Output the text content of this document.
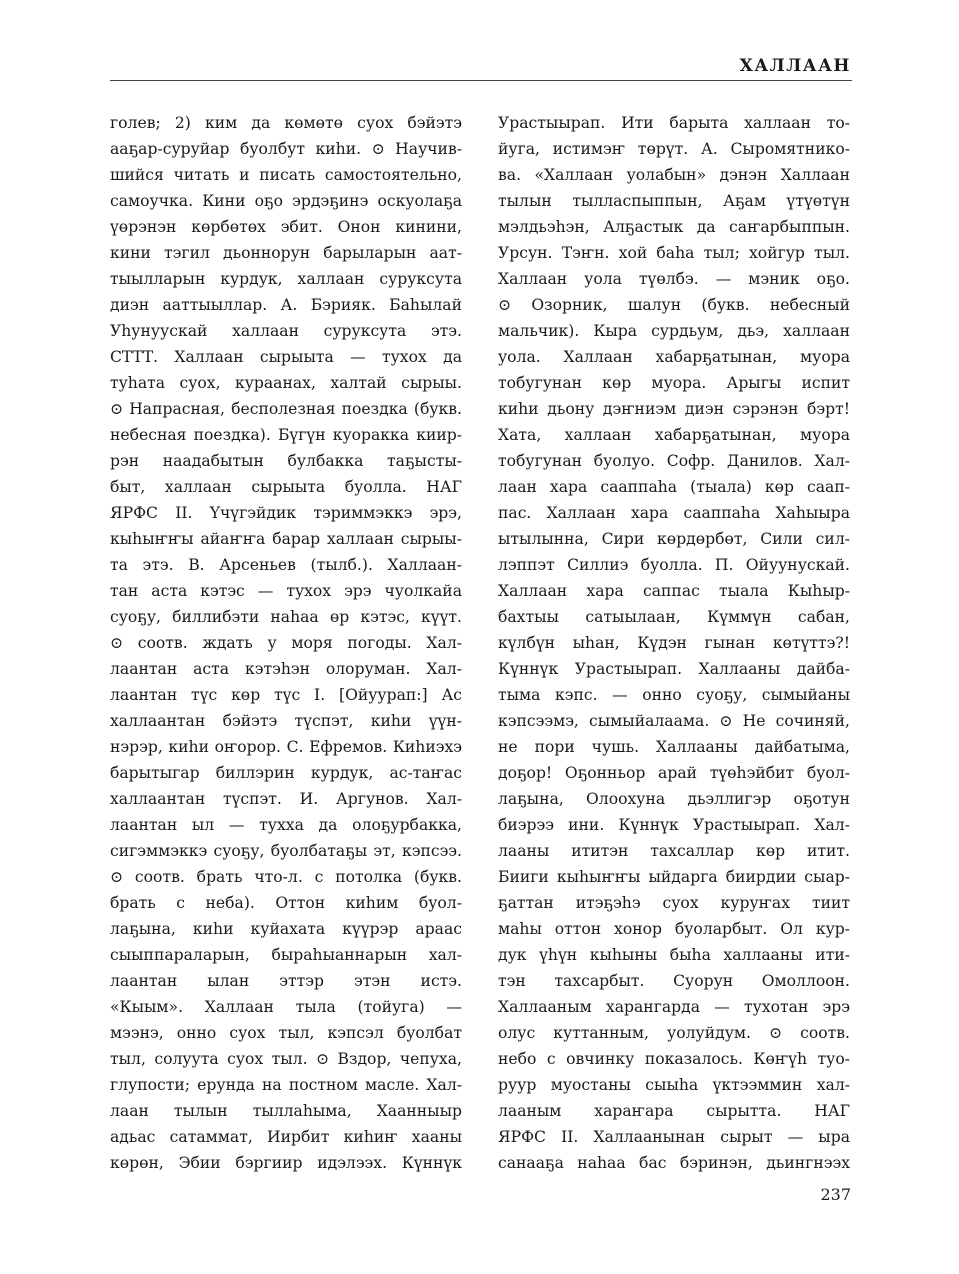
ХАЛЛААН
голев; 2) ким да көмөтө суох бэйэтэ
ааҕар-суруйар буолбут киһи. ⊙ Научив-
шийся читать и писать самостоятельно,
самоучка. Кини оҕо эрдэҕинэ оскуолаҕа
үөрэнэн көрбөтөх эбит. Онон кинини,
кини тэгил дьоннорун барыларын аат-
тыылларын курдук, халлаан суруксута
диэн ааттыыллар. А. Бэрияк. Баһылай
Уһунуускай халлаан суруксута этэ.
СТТТ. Халлаан сырыыта — тухох да
туһата суох, кураанах, халтай сырыы.
⊙ Напрасная, бесполезная поездка (букв.
небесная поездка). Бүгүн куоракка киир-
рэн наадабытын булбакка таҕысты-
быт, халлаан сырыыта буолла. НАГ
ЯРФС II. Үчүгэйдик тэриммэккэ эрэ,
кыһыҥҥы айаҥҥа барар халлаан сырыы-
та этэ. В. Арсеньев (тылб.). Халлаан-
тан аста кэтэс — тухох эрэ чуолкайа
суоҕу, биллибэти наһаа өр кэтэс, күүт.
⊙ соотв. ждать у моря погоды. Хал-
лаантан аста кэтэһэн олоруман. Хал-
лаантан түс көр түс I. [Ойуурап:] Ас
халлаантан бэйэтэ түспэт, киһи үүн-
нэрэр, киһи оҥорор. С. Ефремов. Киһиэхэ
барытыгар биллэрин курдук, ас-таҥас
халлаантан түспэт. И. Аргунов. Хал-
лаантан ыл — тухха да олоҕурбакка,
сигэммэккэ суоҕу, буолбатаҕы эт, кэпсээ.
⊙ соотв. брать что-л. с потолка (букв.
брать с неба). Оттон киһим буол-
лаҕына, киһи куйахата күүрэр араас
сыыппараларын, быраһыаннарын хал-
лаантан ылан эттэр этэн истэ.
«Кыым». Халлаан тыла (тойуга) —
мээнэ, онно суох тыл, кэпсэл буолбат
тыл, солуута суох тыл. ⊙ Вздор, чепуха,
глупости; ерунда на постном масле. Хал-
лаан тылын тыллаһыма, Хаанныыр
адьас сатаммат, Иирбит киһиҥ хааны
көрөн, Эбии бэргиир идэлээх. Күннүк
Урастыырап. Ити барыта халлаан то-
йуга, истимэҥ төрүт. А. Сыромятнико-
ва. «Халлаан уолабын» дэнэн Халлаан
тылын тылласпыппын, Аҕам үтүөтүн
мэлдьэһэн, Алҕастык да саҥарбыппын.
Урсун. Тэҥн. хой баһа тыл; хойгур тыл.
Халлаан уола түөлбэ. — мэник оҕо.
⊙ Озорник, шалун (букв. небесный
мальчик). Кыра сурдьум, дьэ, халлаан
уола. Халлаан хабарҕатынан, муора
тобугунан көр муора. Арыгы испит
киһи дьону дэҥниэм диэн сэрэнэн бэрт!
Хата, халлаан хабарҕатынан, муора
тобугунан буолуо. Софр. Данилов. Хал-
лаан хара сааппаһа (тыала) көр саап-
пас. Халлаан хара сааппаһа Хаһыыра
ытылынна, Сири көрдөрбөт, Сили сил-
лэппэт Силлиэ буолла. П. Ойуунускай.
Халлаан хара саппас тыала Кыһыр-
бахтыы сатыылаан, Күммүн сабан,
күлбүн ыһан, Күдэн гынан көтүттэ?!
Күннүк Урастыырап. Халлааны дайба-
тыма кэпс. — онно суоҕу, сымыйаны
кэпсээмэ, сымыйалаама. ⊙ Не сочиняй,
не пори чушь. Халлааны дайбатыма,
доҕор! Оҕонньор арай түөһэйбит буол-
лаҕына, Олоохуна дьэллигэр оҕотун
биэрээ ини. Күннүк Урастыырап. Хал-
лааны ититэн тахсаллар көр итит.
Бииги кыһыҥҥы ыйдарга биирдии сыар-
ҕаттан итэҕэһэ суох куруҥах тиит
маһы оттон хонор буоларбыт. Ол кур-
дук үһүн кыһыны быһа халлааны ити-
тэн тахсарбыт. Суорун Омоллоон.
Халлааным харангарда — тухотан эрэ
олус куттанным, уолуйдум. ⊙ соотв.
небо с овчинку показалось. Көҥүһ туо-
руур муостаны сыыһа үктээммин хал-
лааным хараҥара сырытта. НАГ
ЯРФС II. Халлаанынан сырыт — ыра
санааҕа наһаа бас бэринэн, дьингнээх
237
